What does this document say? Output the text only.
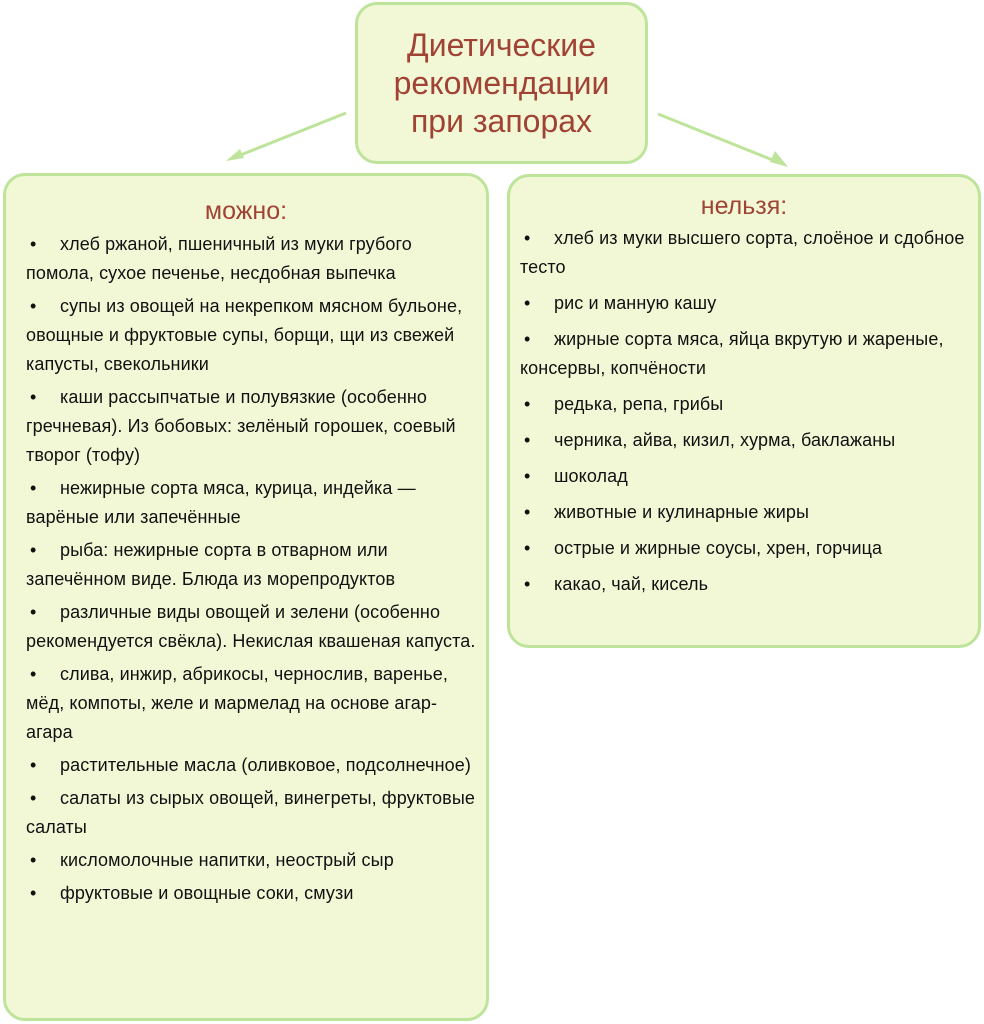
Диетические
рекомендации
при запорах
можно:
• хлеб ржаной, пшеничный из муки грубого помола, сухое печенье, несдобная выпечка
• супы из овощей на некрепком мясном бульоне, овощные и фруктовые супы, борщи, щи из свежей капусты, свекольники
• каши рассыпчатые и полувязкие (особенно гречневая). Из бобовых: зелёный горошек, соевый творог (тофу)
• нежирные сорта мяса, курица, индейка — варёные или запечённые
• рыба: нежирные сорта в отварном или запечённом виде. Блюда из морепродуктов
• различные виды овощей и зелени (особенно рекомендуется свёкла). Некислая квашеная капуста.
• слива, инжир, абрикосы, чернослив, варенье, мёд, компоты, желе и мармелад на основе агар-агара
• растительные масла (оливковое, подсолнечное)
• салаты из сырых овощей, винегреты, фруктовые салаты
• кисломолочные напитки, неострый сыр
• фруктовые и овощные соки, смузи
нельзя:
• хлеб из муки высшего сорта, слоёное и сдобное тесто
• рис и манную кашу
• жирные сорта мяса, яйца вкрутую и жареные, консервы, копчёности
• редька, репа, грибы
• черника, айва, кизил, хурма, баклажаны
• шоколад
• животные и кулинарные жиры
• острые и жирные соусы, хрен, горчица
• какао, чай, кисель
